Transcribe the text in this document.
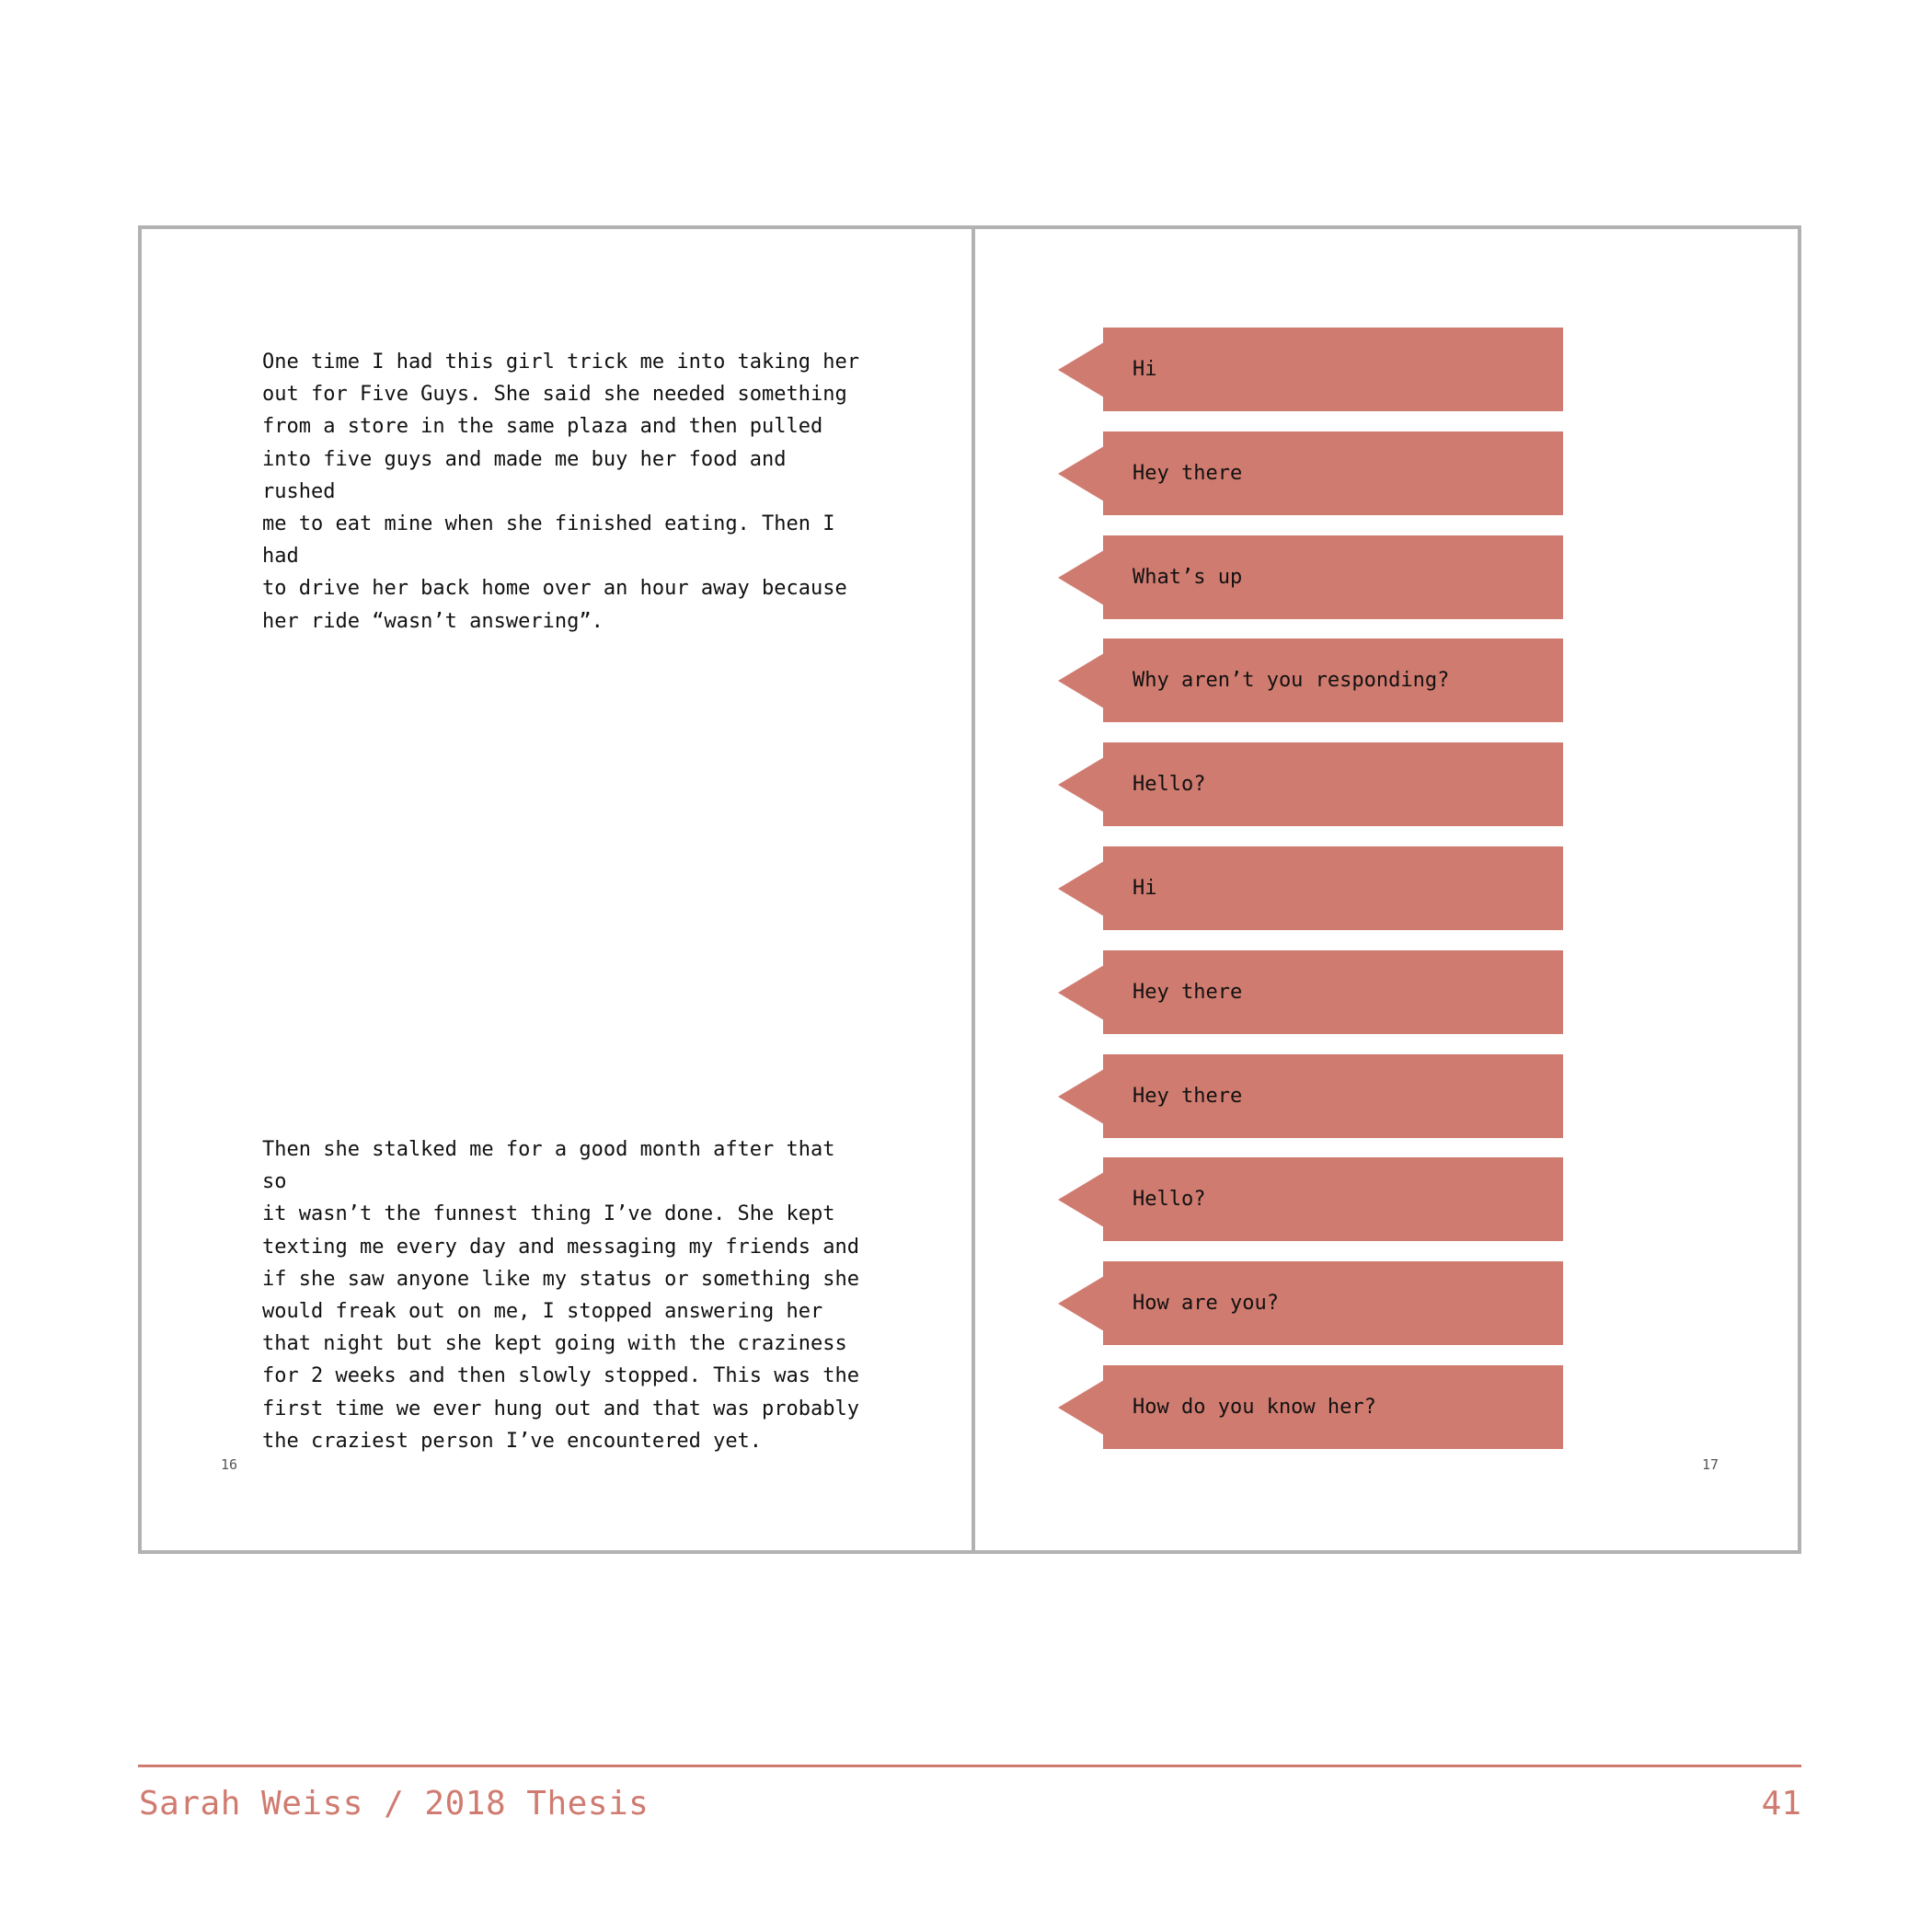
One time I had this girl trick me into taking her
out for Five Guys. She said she needed something
from a store in the same plaza and then pulled
into five guys and made me buy her food and rushed
me to eat mine when she finished eating. Then I had
to drive her back home over an hour away because
her ride “wasn’t answering”.

Then she stalked me for a good month after that so
it wasn’t the funnest thing I’ve done. She kept
texting me every day and messaging my friends and
if she saw anyone like my status or something she
would freak out on me, I stopped answering her
that night but she kept going with the craziness
for 2 weeks and then slowly stopped. This was the
first time we ever hung out and that was probably
the craziest person I’ve encountered yet.

16
Hi
Hey there
What’s up
Why aren’t you responding?
Hello?
Hi
Hey there
Hey there
Hello?
How are you?
How do you know her?
17
Sarah Weiss / 2018 Thesis	41
